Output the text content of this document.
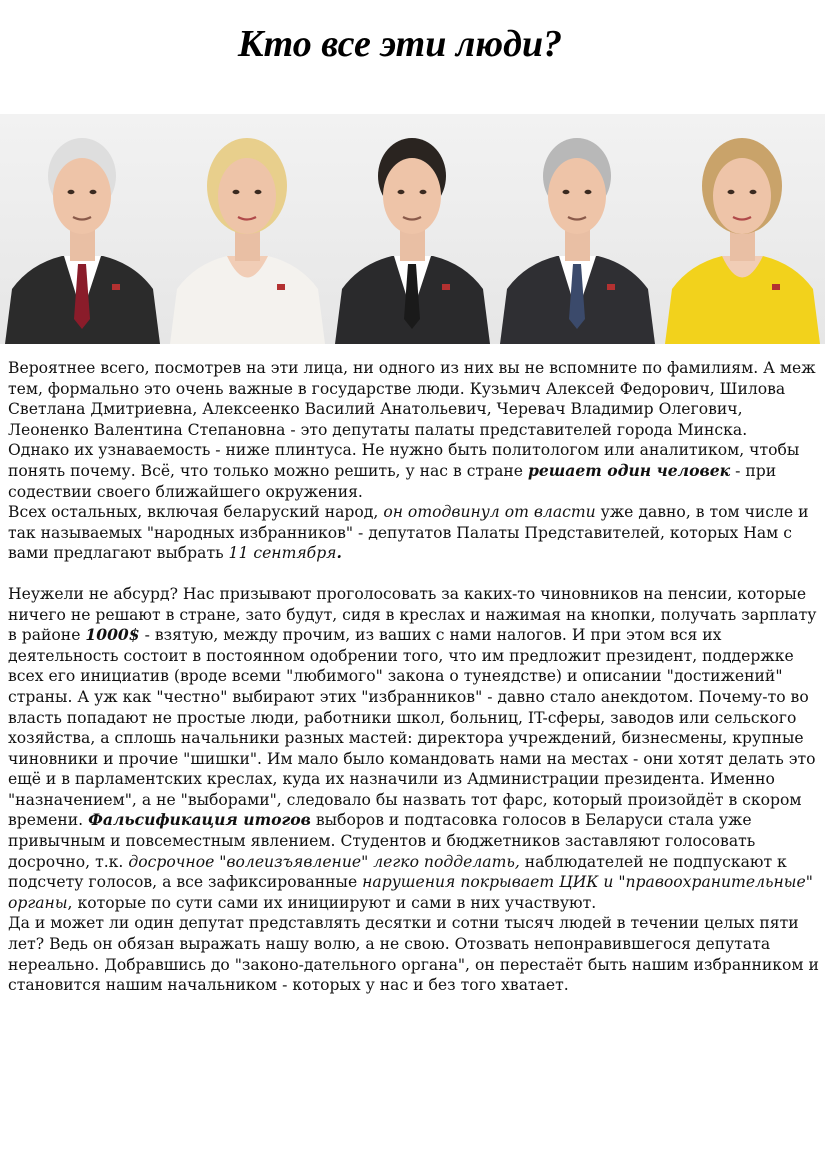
Кто все эти люди?

Вероятнее всего, посмотрев на эти лица, ни одного из них вы не вспомните по фамилиям. А меж тем, формально это очень важные в государстве люди. Кузьмич Алексей Федорович, Шилова Светлана Дмитриевна, Алексеенко Василий Анатольевич, Черевач Владимир Олегович, Леоненко Валентина Степановна - это депутаты палаты представителей города Минска.

Однако их узнаваемость - ниже плинтуса. Не нужно быть политологом или аналитиком, чтобы понять почему. Всё, что только можно решить, у нас в стране решает один человек - при содествии своего ближайшего окружения.

Всех остальных, включая беларуский народ, он отодвинул от власти уже давно, в том числе и так называемых "народных избранников" - депутатов Палаты Представителей, которых Нам с вами предлагают выбрать 11 сентября.

Неужели не абсурд? Нас призывают проголосовать за каких-то чиновников на пенсии, которые ничего не решают в стране, зато будут, сидя в креслах и нажимая на кнопки, получать зарплату в районе 1000$ - взятую, между прочим, из ваших с нами налогов. И при этом вся их деятельность состоит в постоянном одобрении того, что им предложит президент, поддержке всех его инициатив (вроде всеми "любимого" закона о тунеядстве) и описании "достижений" страны. А уж как "честно" выбирают этих "избранников" - давно стало анекдотом. Почему-то во власть попадают не простые люди, работники школ, больниц, IT-сферы, заводов или сельского хозяйства, а сплошь начальники разных мастей: директора учреждений, бизнесмены, крупные чиновники и прочие "шишки". Им мало было командовать нами на местах - они хотят делать это ещё и в парламентских креслах, куда их назначили из Администрации президента. Именно "назначением", а не "выборами", следовало бы назвать тот фарс, который произойдёт в скором времени. Фальсификация итогов выборов и подтасовка голосов в Беларуси стала уже привычным и повсеместным явлением. Студентов и бюджетников заставляют голосовать досрочно, т.к. досрочное "волеизъявление" легко подделать, наблюдателей не подпускают к подсчету голосов, а все зафиксированные нарушения покрывает ЦИК и "правоохранительные" органы, которые по сути сами их инициируют и сами в них участвуют.

Да и может ли один депутат представлять десятки и сотни тысяч людей в течении целых пяти лет? Ведь он обязан выражать нашу волю, а не свою. Отозвать непонравившегося депутата нереально. Добравшись до "законо-дательного органа", он перестаёт быть нашим избранником и становится нашим начальником - которых у нас и без того хватает.
